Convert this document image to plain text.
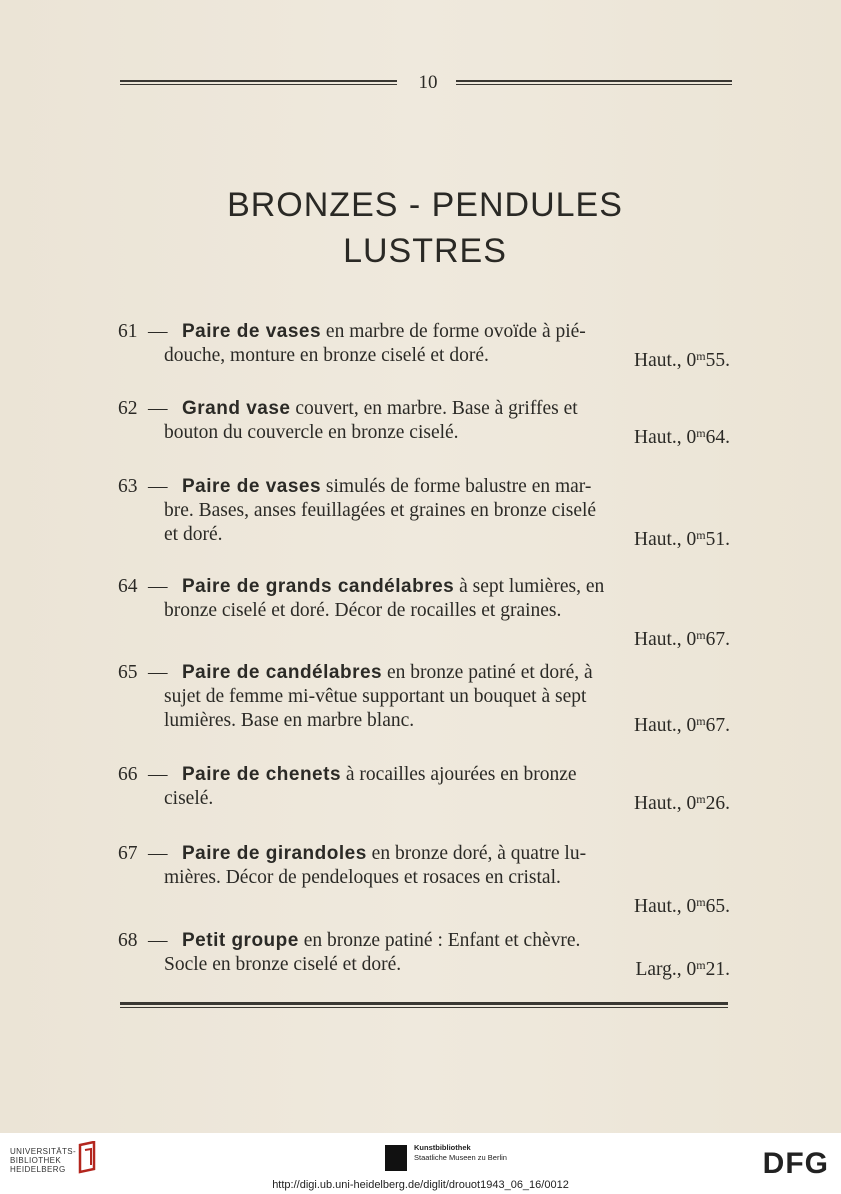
10
BRONZES - PENDULES
LUSTRES
61 — Paire de vases en marbre de forme ovoïde à pié-
douche, monture en bronze ciselé et doré.	Haut., 0$^m$55.
62 — Grand vase couvert, en marbre. Base à griffes et
bouton du couvercle en bronze ciselé.	Haut., 0$^m$64.
63 — Paire de vases simulés de forme balustre en mar-
bre. Bases, anses feuillagées et graines en bronze ciselé
et doré.	Haut., 0$^m$51.
64 — Paire de grands candélabres à sept lumières, en
bronze ciselé et doré. Décor de rocailles et graines.
Haut., 0$^m$67.
65 — Paire de candélabres en bronze patiné et doré, à
sujet de femme mi-vêtue supportant un bouquet à sept
lumières. Base en marbre blanc.	Haut., 0$^m$67.
66 — Paire de chenets à rocailles ajourées en bronze
ciselé.	Haut., 0$^m$26.
67 — Paire de girandoles en bronze doré, à quatre lu-
mières. Décor de pendeloques et rosaces en cristal.
Haut., 0$^m$65.
68 — Petit groupe en bronze patiné : Enfant et chèvre.
Socle en bronze ciselé et doré.	Larg., 0$^m$21.
UNIVERSITÄTS-
BIBLIOTHEK
HEIDELBERG
Kunstbibliothek
Staatliche Museen zu Berlin	DFG
http://digi.ub.uni-heidelberg.de/diglit/drouot1943_06_16/0012
